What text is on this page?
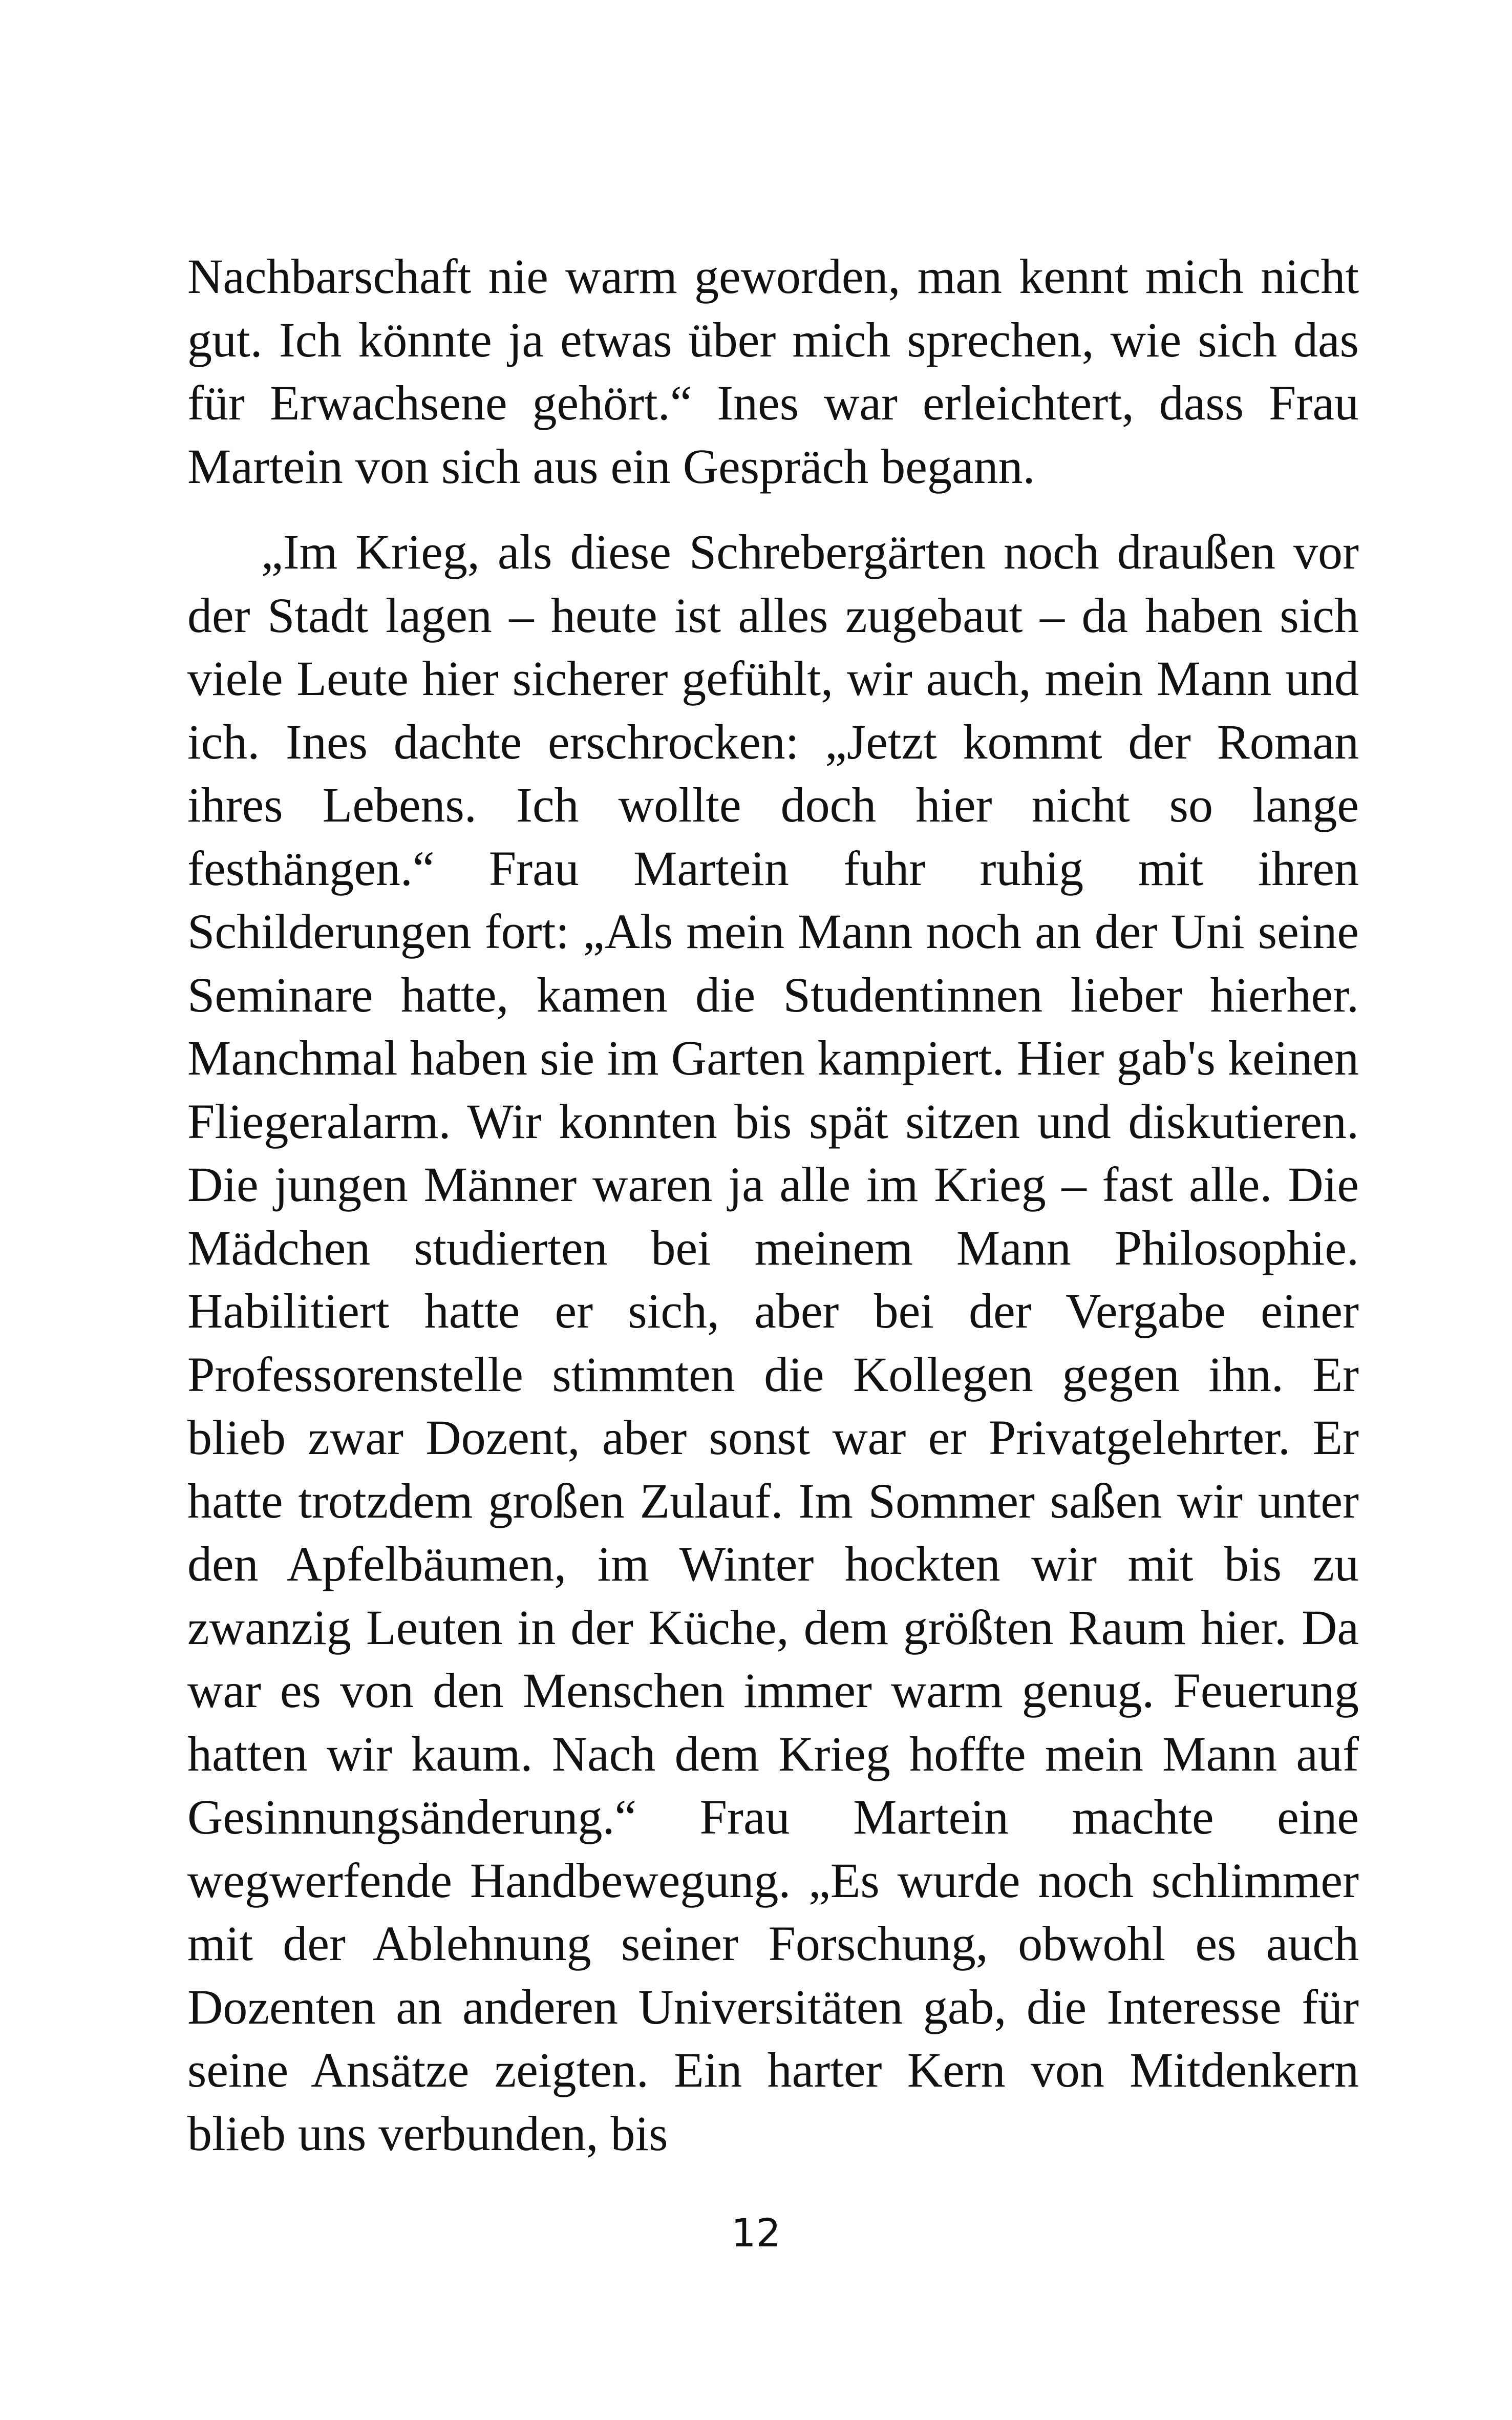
Nachbarschaft nie warm geworden, man kennt mich nicht gut. Ich könnte ja etwas über mich sprechen, wie sich das für Erwachsene gehört.“ Ines war erleichtert, dass Frau Martein von sich aus ein Gespräch begann.

„Im Krieg, als diese Schrebergärten noch draußen vor der Stadt lagen – heute ist alles zugebaut – da haben sich viele Leute hier sicherer gefühlt, wir auch, mein Mann und ich. Ines dachte erschrocken: „Jetzt kommt der Roman ihres Lebens. Ich wollte doch hier nicht so lange festhängen.“ Frau Martein fuhr ruhig mit ihren Schilderungen fort: „Als mein Mann noch an der Uni seine Seminare hatte, kamen die Studentinnen lieber hierher. Manchmal haben sie im Garten kampiert. Hier gab's keinen Fliegeralarm. Wir konnten bis spät sitzen und diskutieren. Die jungen Männer waren ja alle im Krieg – fast alle. Die Mädchen studierten bei meinem Mann Philosophie. Habilitiert hatte er sich, aber bei der Vergabe einer Professorenstelle stimmten die Kollegen gegen ihn. Er blieb zwar Dozent, aber sonst war er Privatgelehrter. Er hatte trotzdem großen Zulauf. Im Sommer saßen wir unter den Apfelbäumen, im Winter hockten wir mit bis zu zwanzig Leuten in der Küche, dem größten Raum hier. Da war es von den Menschen immer warm genug. Feuerung hatten wir kaum. Nach dem Krieg hoffte mein Mann auf Gesinnungsänderung.“ Frau Martein machte eine wegwerfende Handbewegung. „Es wurde noch schlimmer mit der Ablehnung seiner Forschung, obwohl es auch Dozenten an anderen Universitäten gab, die Interesse für seine Ansätze zeigten. Ein harter Kern von Mitdenkern blieb uns verbunden, bis

12
